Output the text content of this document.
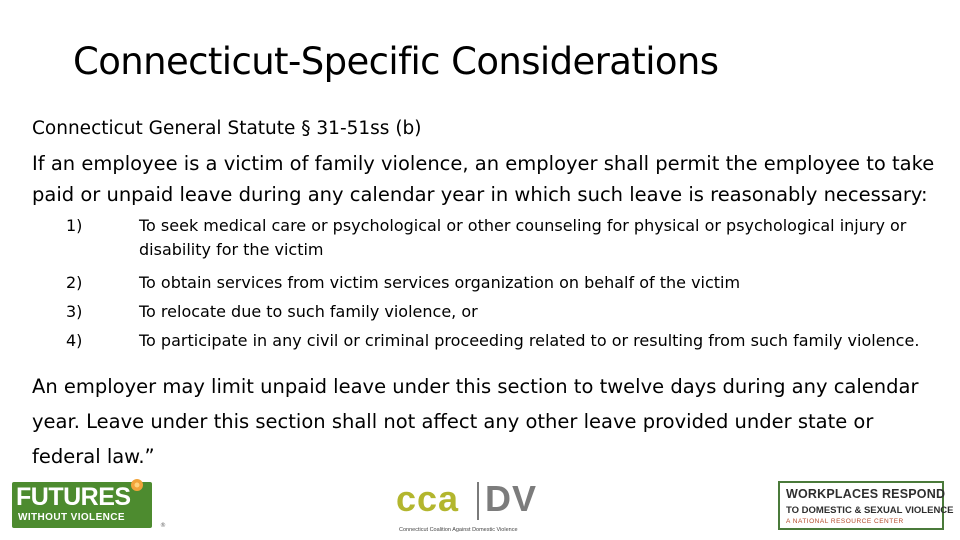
Connecticut-Specific Considerations
Connecticut General Statute § 31-51ss (b)
If an employee is a victim of family violence, an employer shall permit the employee to take paid or unpaid leave during any calendar year in which such leave is reasonably necessary:
1)	To seek medical care or psychological or other counseling for physical or psychological injury or disability for the victim
2)	To obtain services from victim services organization on behalf of the victim
3)	To relocate due to such family violence, or
4)	To participate in any civil or criminal proceeding related to or resulting from such family violence.
An employer may limit unpaid leave under this section to twelve days during any calendar year. Leave under this section shall not affect any other leave provided under state or federal law.”
FUTURES
WITHOUT VIOLENCE
®
cca DV
Connecticut Coalition Against Domestic Violence
WORKPLACES RESPOND
TO DOMESTIC & SEXUAL VIOLENCE
A NATIONAL RESOURCE CENTER
